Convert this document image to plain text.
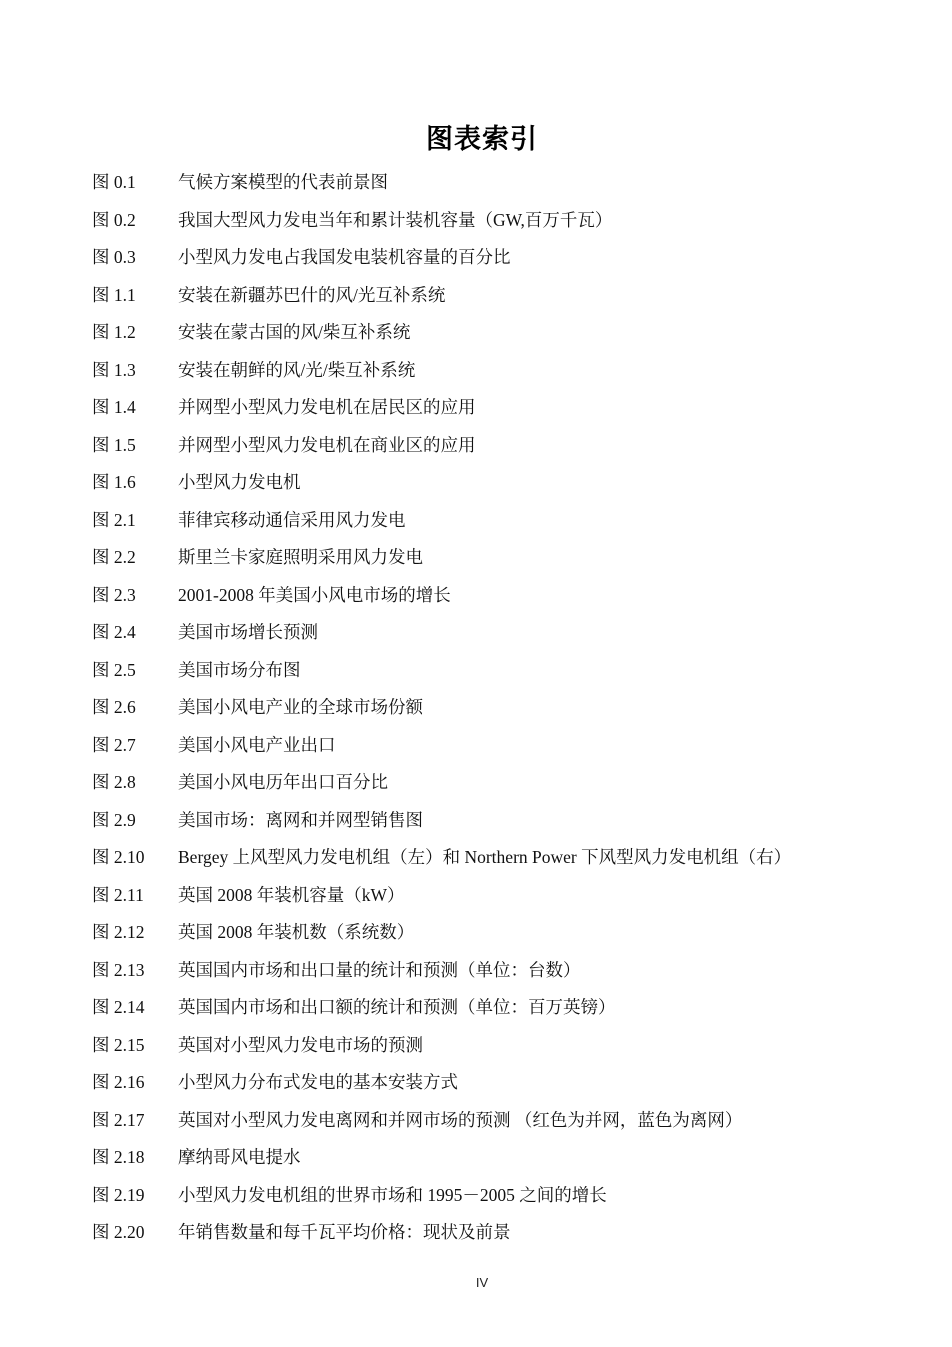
图表索引
图 0.1	气候方案模型的代表前景图
图 0.2	我国大型风力发电当年和累计装机容量（GW,百万千瓦）
图 0.3	小型风力发电占我国发电装机容量的百分比
图 1.1	安装在新疆苏巴什的风/光互补系统
图 1.2	安装在蒙古国的风/柴互补系统
图 1.3	安装在朝鲜的风/光/柴互补系统
图 1.4	并网型小型风力发电机在居民区的应用
图 1.5	并网型小型风力发电机在商业区的应用
图 1.6	小型风力发电机
图 2.1	菲律宾移动通信采用风力发电
图 2.2	斯里兰卡家庭照明采用风力发电
图 2.3	2001-2008 年美国小风电市场的增长
图 2.4	美国市场增长预测
图 2.5	美国市场分布图
图 2.6	美国小风电产业的全球市场份额
图 2.7	美国小风电产业出口
图 2.8	美国小风电历年出口百分比
图 2.9	美国市场：离网和并网型销售图
图 2.10	Bergey 上风型风力发电机组（左）和 Northern Power 下风型风力发电机组（右）
图 2.11	英国 2008 年装机容量（kW）
图 2.12	英国 2008 年装机数（系统数）
图 2.13	英国国内市场和出口量的统计和预测（单位：台数）
图 2.14	英国国内市场和出口额的统计和预测（单位：百万英镑）
图 2.15	英国对小型风力发电市场的预测
图 2.16	小型风力分布式发电的基本安装方式
图 2.17	英国对小型风力发电离网和并网市场的预测 （红色为并网，蓝色为离网）
图 2.18	摩纳哥风电提水
图 2.19	小型风力发电机组的世界市场和 1995－2005 之间的增长
图 2.20	年销售数量和每千瓦平均价格：现状及前景
IV
